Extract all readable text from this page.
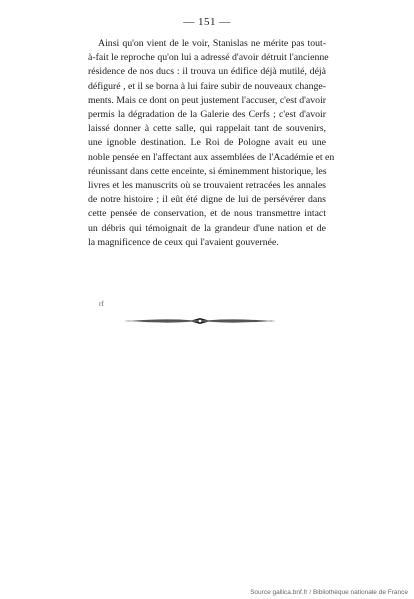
— 151 —
Ainsi qu'on vient de le voir, Stanislas ne mérite pas tout-
à-fait le reproche qu'on lui a adressé d'avoir détruit l'ancienne
résidence de nos ducs : il trouva un édifice déjà mutilé, déjà
défiguré , et il se borna à lui faire subir de nouveaux change-
ments. Mais ce dont on peut justement l'accuser, c'est d'avoir
permis la dégradation de la Galerie des Cerfs ; c'est d'avoir
laissé donner à cette salle, qui rappelait tant de souvenirs,
une ignoble destination. Le Roi de Pologne avait eu une
noble pensée en l'affectant aux assemblées de l'Académie et en
réunissant dans cette enceinte, si éminemment historique, les
livres et les manuscrits où se trouvaient retracées les annales
de notre histoire ; il eût été digne de lui de persévérer dans
cette pensée de conservation, et de nous transmettre intact
un débris qui témoignait de la grandeur d'une nation et de
la magnificence de ceux qui l'avaient gouvernée.
rf
Source gallica.bnf.fr / Bibliothèque nationale de France
